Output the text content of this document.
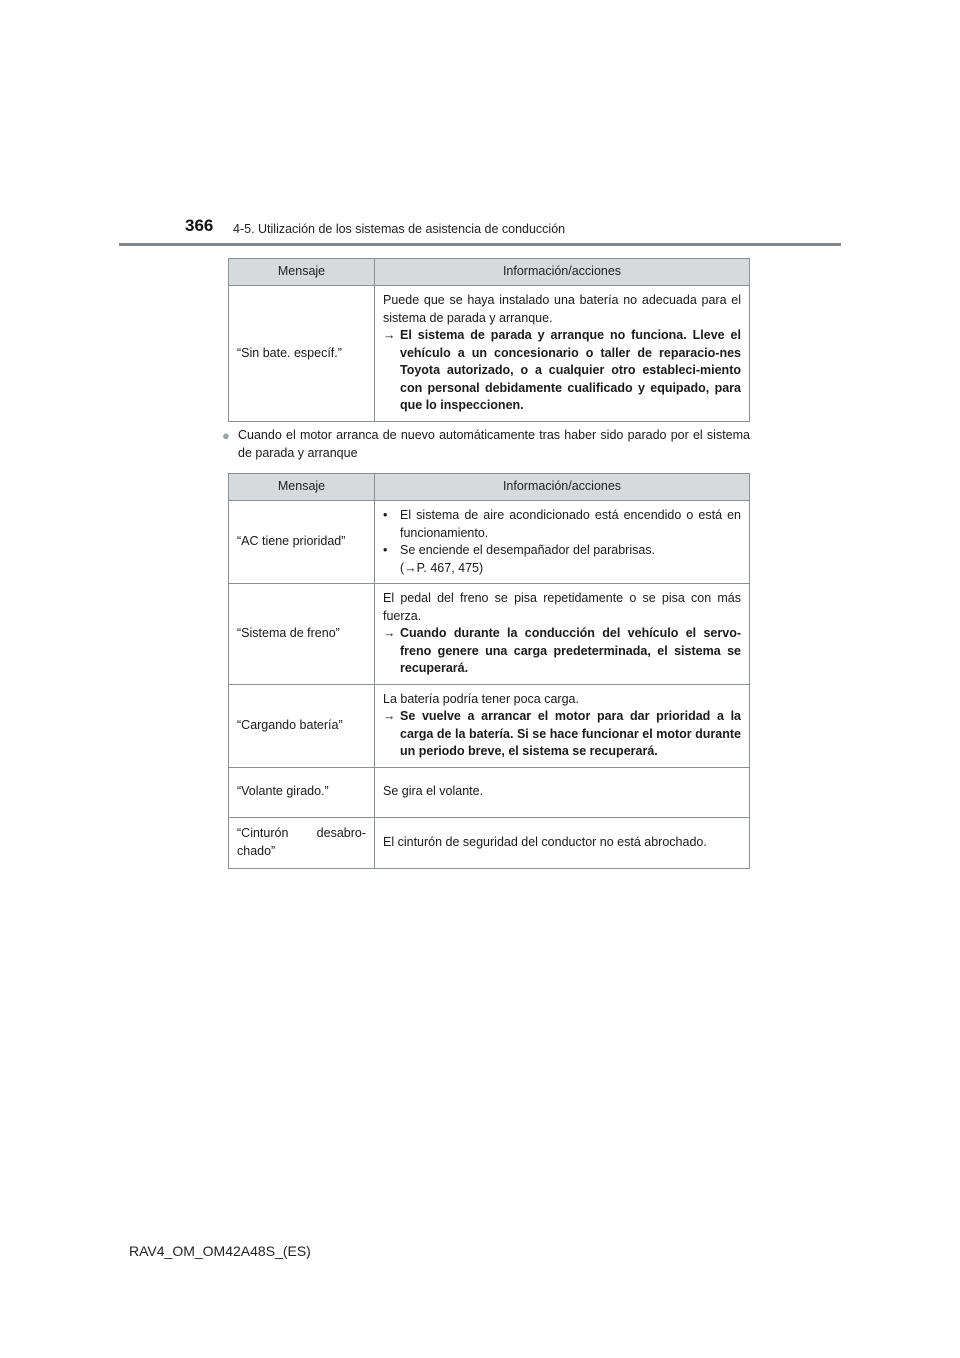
366 4-5. Utilización de los sistemas de asistencia de conducción
Mensaje	Información/acciones
“Sin bate. específ.”	Puede que se haya instalado una batería no adecuada para el sistema de parada y arranque.
→ El sistema de parada y arranque no funciona. Lleve el vehículo a un concesionario o taller de reparacio-nes Toyota autorizado, o a cualquier otro estableci-miento con personal debidamente cualificado y equipado, para que lo inspeccionen.
● Cuando el motor arranca de nuevo automáticamente tras haber sido parado por el sistema de parada y arranque
Mensaje	Información/acciones
“AC tiene prioridad”	• El sistema de aire acondicionado está encendido o está en funcionamiento.
• Se enciende el desempañador del parabrisas.
(→P. 467, 475)

“Sistema de freno”	El pedal del freno se pisa repetidamente o se pisa con más fuerza.
→ Cuando durante la conducción del vehículo el servo-freno genere una carga predeterminada, el sistema se recuperará.

“Cargando batería”	La batería podría tener poca carga.
→ Se vuelve a arrancar el motor para dar prioridad a la carga de la batería. Si se hace funcionar el motor durante un periodo breve, el sistema se recuperará.

“Volante girado.”	Se gira el volante.
“Cinturón desabro-chado”	El cinturón de seguridad del conductor no está abrochado.
RAV4_OM_OM42A48S_(ES)
